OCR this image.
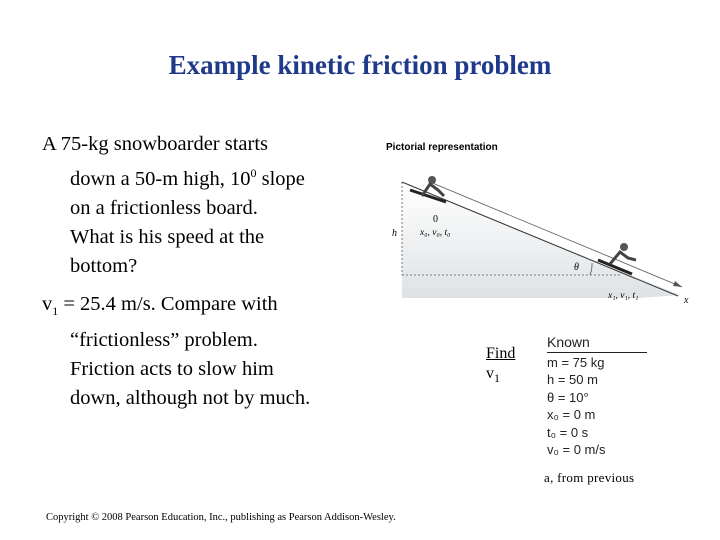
Example kinetic friction problem
A 75-kg snowboarder starts
down a 50-m high, $10^0$ slope
on a frictionless board.
What is his speed at the
bottom?
$v_1 = 25.4$ m/s. Compare with
“frictionless” problem.
Friction acts to slow him
down, although not by much.
Pictorial representation
h
0
x₀, v₀, t₀
θ
x₁, v₁, t₁	x
Find
$v_1$
Known
m = 75 kg
h = 50 m
θ = 10°
x₀ = 0 m
t₀ = 0 s
v₀ = 0 m/s
a, from previous
Copyright © 2008 Pearson Education, Inc., publishing as Pearson Addison-Wesley.
